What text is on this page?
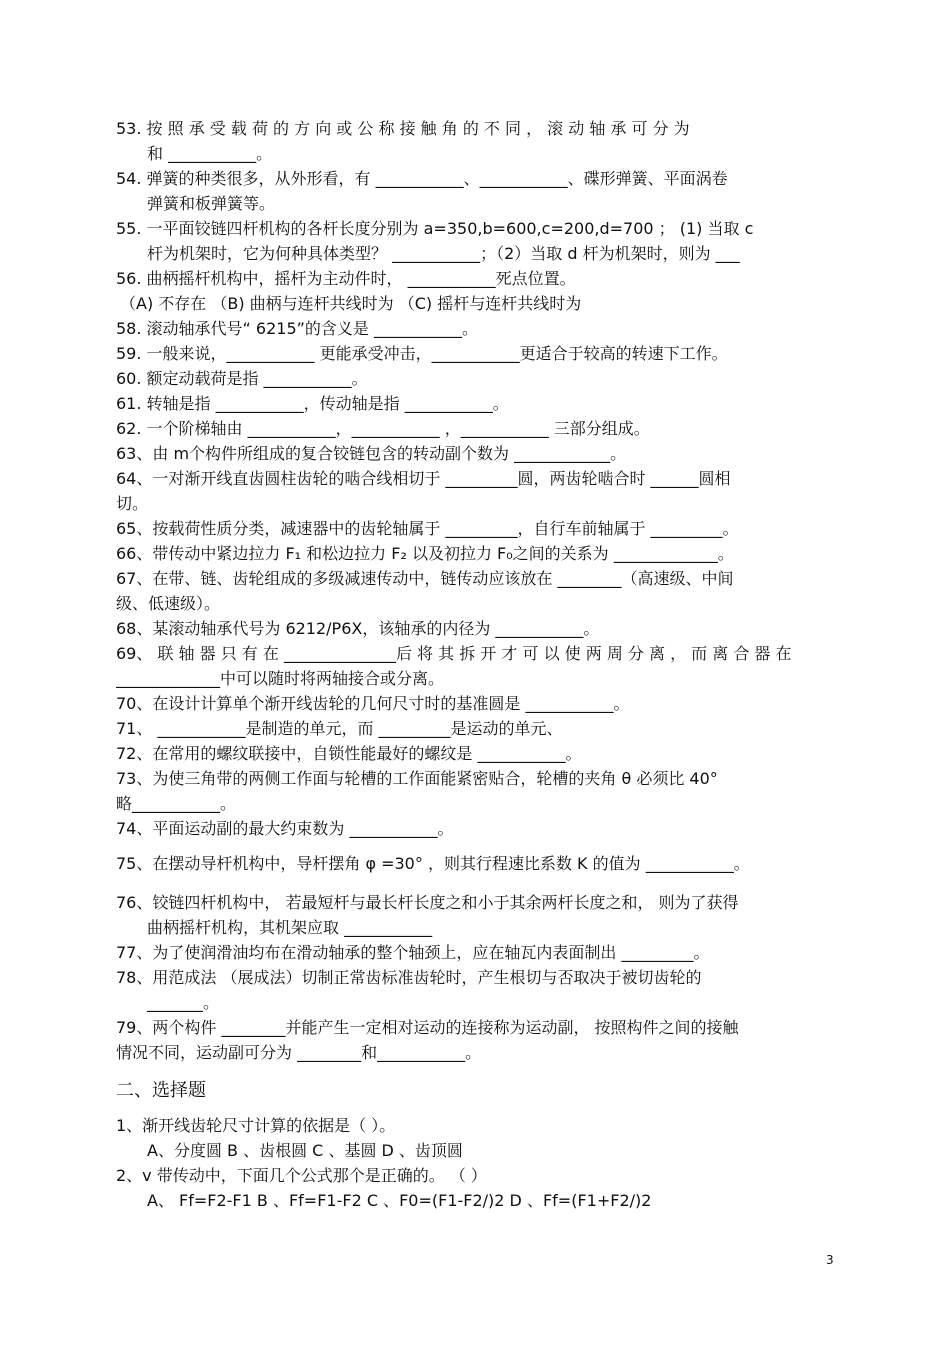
53. 按 照 承 受 载 荷 的 方 向 或 公 称 接 触 角 的 不 同 ， 滚 动 轴 承 可 分 为
和 ___________。
54. 弹簧的种类很多，从外形看，有 ___________、___________、碟形弹簧、平面涡卷
弹簧和板弹簧等。
55. 一平面铰链四杆机构的各杆长度分别为 a=350,b=600,c=200,d=700 ； (1) 当取 c
杆为机架时，它为何种具体类型？ ___________；（2）当取 d 杆为机架时，则为 ___
56. 曲柄摇杆机构中，摇杆为主动件时， ___________死点位置。
（A) 不存在 （B) 曲柄与连杆共线时为 （C) 摇杆与连杆共线时为
58. 滚动轴承代号“ 6215”的含义是 ___________。
59. 一般来说，___________ 更能承受冲击，___________更适合于较高的转速下工作。
60. 额定动载荷是指 ___________。
61. 转轴是指 ___________，传动轴是指 ___________。
62. 一个阶梯轴由 ___________，___________ ，___________ 三部分组成。
63、由 m个构件所组成的复合铰链包含的转动副个数为 ____________。
64、一对渐开线直齿圆柱齿轮的啮合线相切于 _________圆，两齿轮啮合时 ______圆相
切。
65、按载荷性质分类，减速器中的齿轮轴属于 _________，自行车前轴属于 _________。
66、带传动中紧边拉力 F₁ 和松边拉力 F₂ 以及初拉力 F₀之间的关系为 _____________。
67、在带、链、齿轮组成的多级减速传动中，链传动应该放在 ________（高速级、中间
级、低速级）。
68、某滚动轴承代号为 6212/P6X，该轴承的内径为 ___________。
69、 联 轴 器 只 有 在 ______________后 将 其 拆 开 才 可 以 使 两 周 分 离 ， 而 离 合 器 在
_____________中可以随时将两轴接合或分离。
70、在设计计算单个渐开线齿轮的几何尺寸时的基准圆是 ___________。
71、 ___________是制造的单元，而 _________是运动的单元、
72、在常用的螺纹联接中，自锁性能最好的螺纹是 ___________。
73、为使三角带的两侧工作面与轮槽的工作面能紧密贴合，轮槽的夹角 θ 必须比 40°
略___________。
74、平面运动副的最大约束数为 ___________。
75、在摆动导杆机构中，导杆摆角 φ =30° ，则其行程速比系数 K 的值为 ___________。
76、铰链四杆机构中， 若最短杆与最长杆长度之和小于其余两杆长度之和， 则为了获得
曲柄摇杆机构，其机架应取 ___________
77、为了使润滑油均布在滑动轴承的整个轴颈上，应在轴瓦内表面制出 _________。
78、用范成法 （展成法）切制正常齿标准齿轮时，产生根切与否取决于被切齿轮的
_______。
79、两个构件 ________并能产生一定相对运动的连接称为运动副， 按照构件之间的接触
情况不同，运动副可分为 ________和___________。
二、选择题
1、渐开线齿轮尺寸计算的依据是（ ）。
A、分度圆 B 、齿根圆 C 、基圆 D 、齿顶圆
2、v 带传动中，下面几个公式那个是正确的。 （ ）
A、 Ff=F2-F1 B 、Ff=F1-F2 C 、F0=(F1-F2/)2 D 、Ff=(F1+F2/)2
3
